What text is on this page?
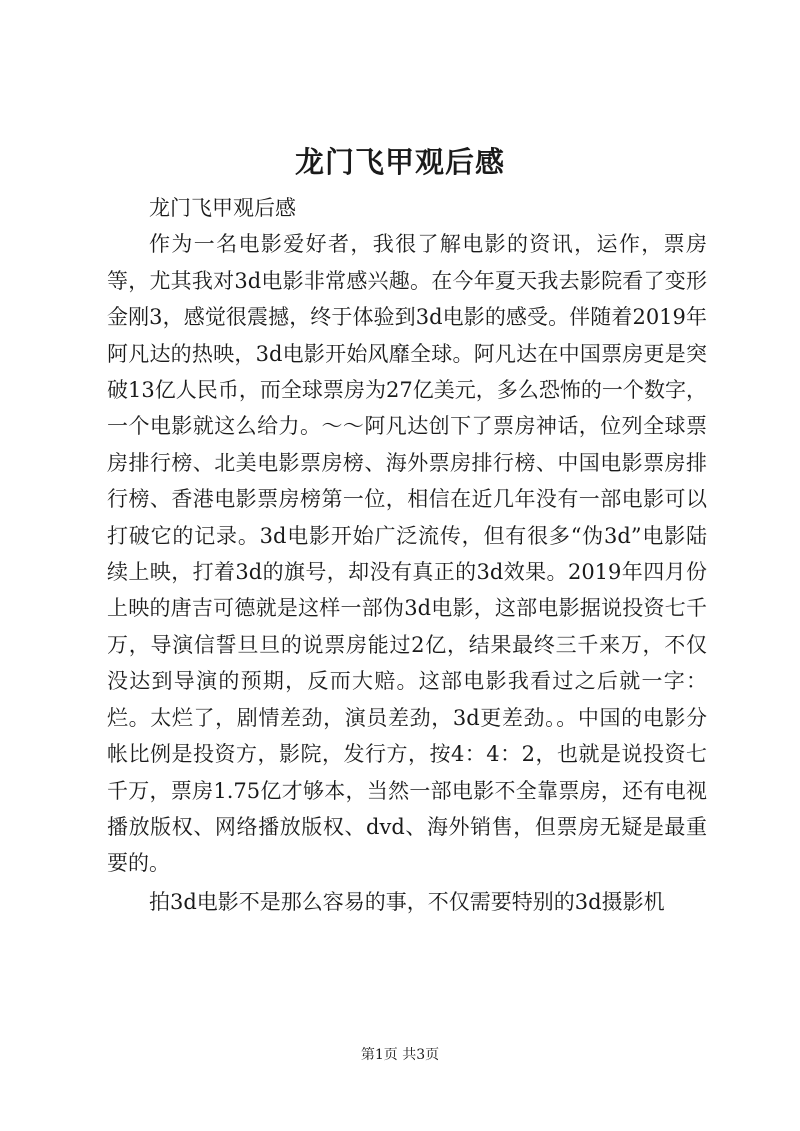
龙门飞甲观后感

龙门飞甲观后感

作为一名电影爱好者，我很了解电影的资讯，运作，票房等，尤其我对3d电影非常感兴趣。在今年夏天我去影院看了变形金刚3，感觉很震撼，终于体验到3d电影的感受。伴随着2019年阿凡达的热映，3d电影开始风靡全球。阿凡达在中国票房更是突破13亿人民币，而全球票房为27亿美元，多么恐怖的一个数字，一个电影就这么给力。～～阿凡达创下了票房神话，位列全球票房排行榜、北美电影票房榜、海外票房排行榜、中国电影票房排行榜、香港电影票房榜第一位，相信在近几年没有一部电影可以打破它的记录。3d电影开始广泛流传，但有很多“伪3d”电影陆续上映，打着3d的旗号，却没有真正的3d效果。2019年四月份上映的唐吉可德就是这样一部伪3d电影，这部电影据说投资七千万，导演信誓旦旦的说票房能过2亿，结果最终三千来万，不仅没达到导演的预期，反而大赔。这部电影我看过之后就一字：烂。太烂了，剧情差劲，演员差劲，3d更差劲。。中国的电影分帐比例是投资方，影院，发行方，按4：4：2，也就是说投资七千万，票房1.75亿才够本，当然一部电影不全靠票房，还有电视播放版权、网络播放版权、dvd、海外销售，但票房无疑是最重要的。

拍3d电影不是那么容易的事，不仅需要特别的3d摄影机

第1页 共3页
